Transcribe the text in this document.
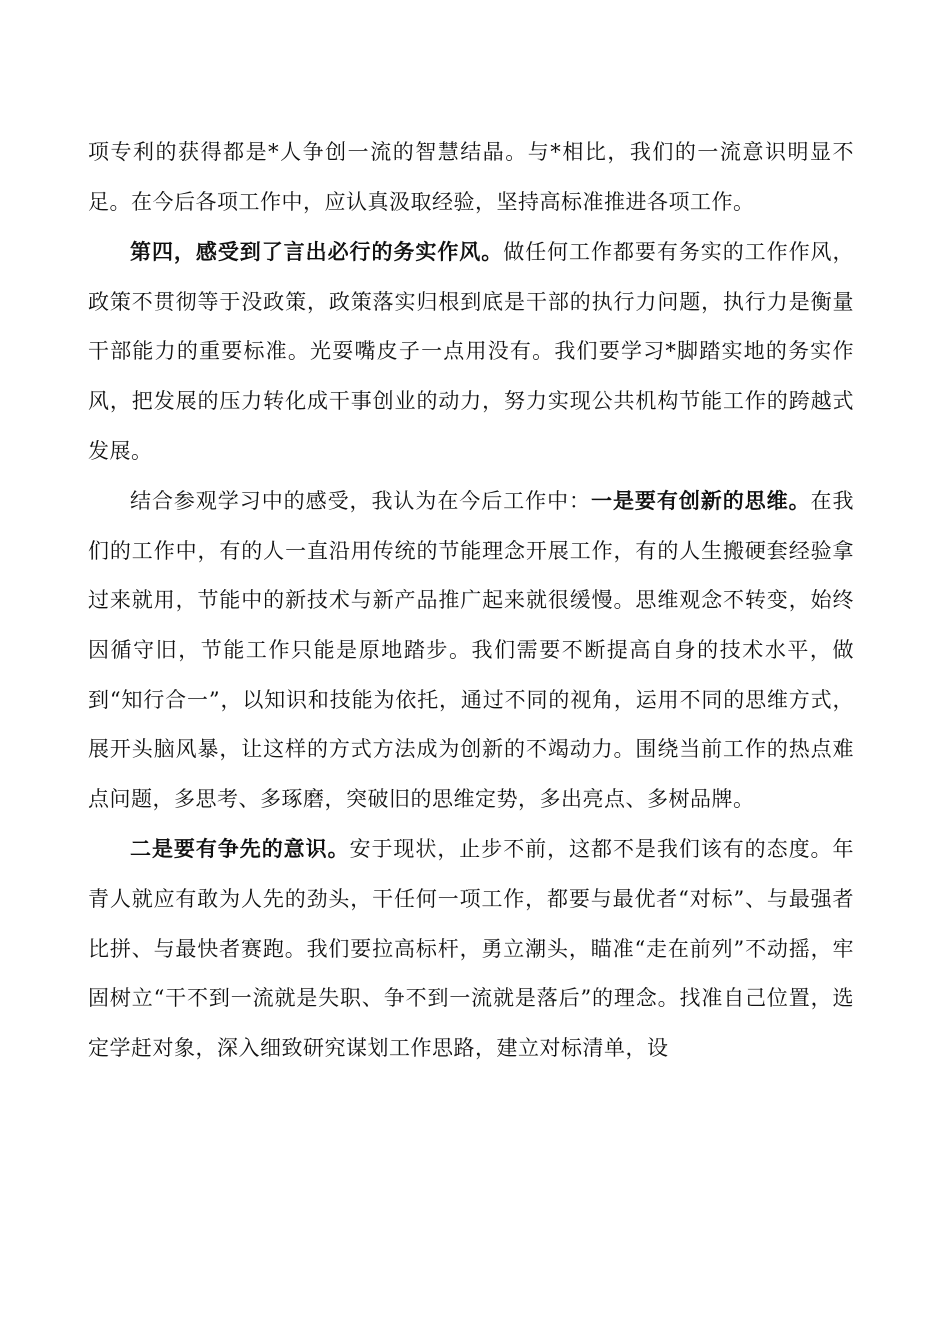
项专利的获得都是*人争创一流的智慧结晶。与*相比，我们的一流意识明显不足。在今后各项工作中，应认真汲取经验，坚持高标准推进各项工作。

第四，感受到了言出必行的务实作风。做任何工作都要有务实的工作作风，政策不贯彻等于没政策，政策落实归根到底是干部的执行力问题，执行力是衡量干部能力的重要标准。光耍嘴皮子一点用没有。我们要学习*脚踏实地的务实作风，把发展的压力转化成干事创业的动力，努力实现公共机构节能工作的跨越式发展。

结合参观学习中的感受，我认为在今后工作中：一是要有创新的思维。在我们的工作中，有的人一直沿用传统的节能理念开展工作，有的人生搬硬套经验拿过来就用，节能中的新技术与新产品推广起来就很缓慢。思维观念不转变，始终因循守旧，节能工作只能是原地踏步。我们需要不断提高自身的技术水平，做到“知行合一”，以知识和技能为依托，通过不同的视角，运用不同的思维方式，展开头脑风暴，让这样的方式方法成为创新的不竭动力。围绕当前工作的热点难点问题，多思考、多琢磨，突破旧的思维定势，多出亮点、多树品牌。

二是要有争先的意识。安于现状，止步不前，这都不是我们该有的态度。年青人就应有敢为人先的劲头，干任何一项工作，都要与最优者“对标”、与最强者比拼、与最快者赛跑。我们要拉高标杆，勇立潮头，瞄准“走在前列”不动摇，牢固树立“干不到一流就是失职、争不到一流就是落后”的理念。找准自己位置，选定学赶对象，深入细致研究谋划工作思路，建立对标清单，设
